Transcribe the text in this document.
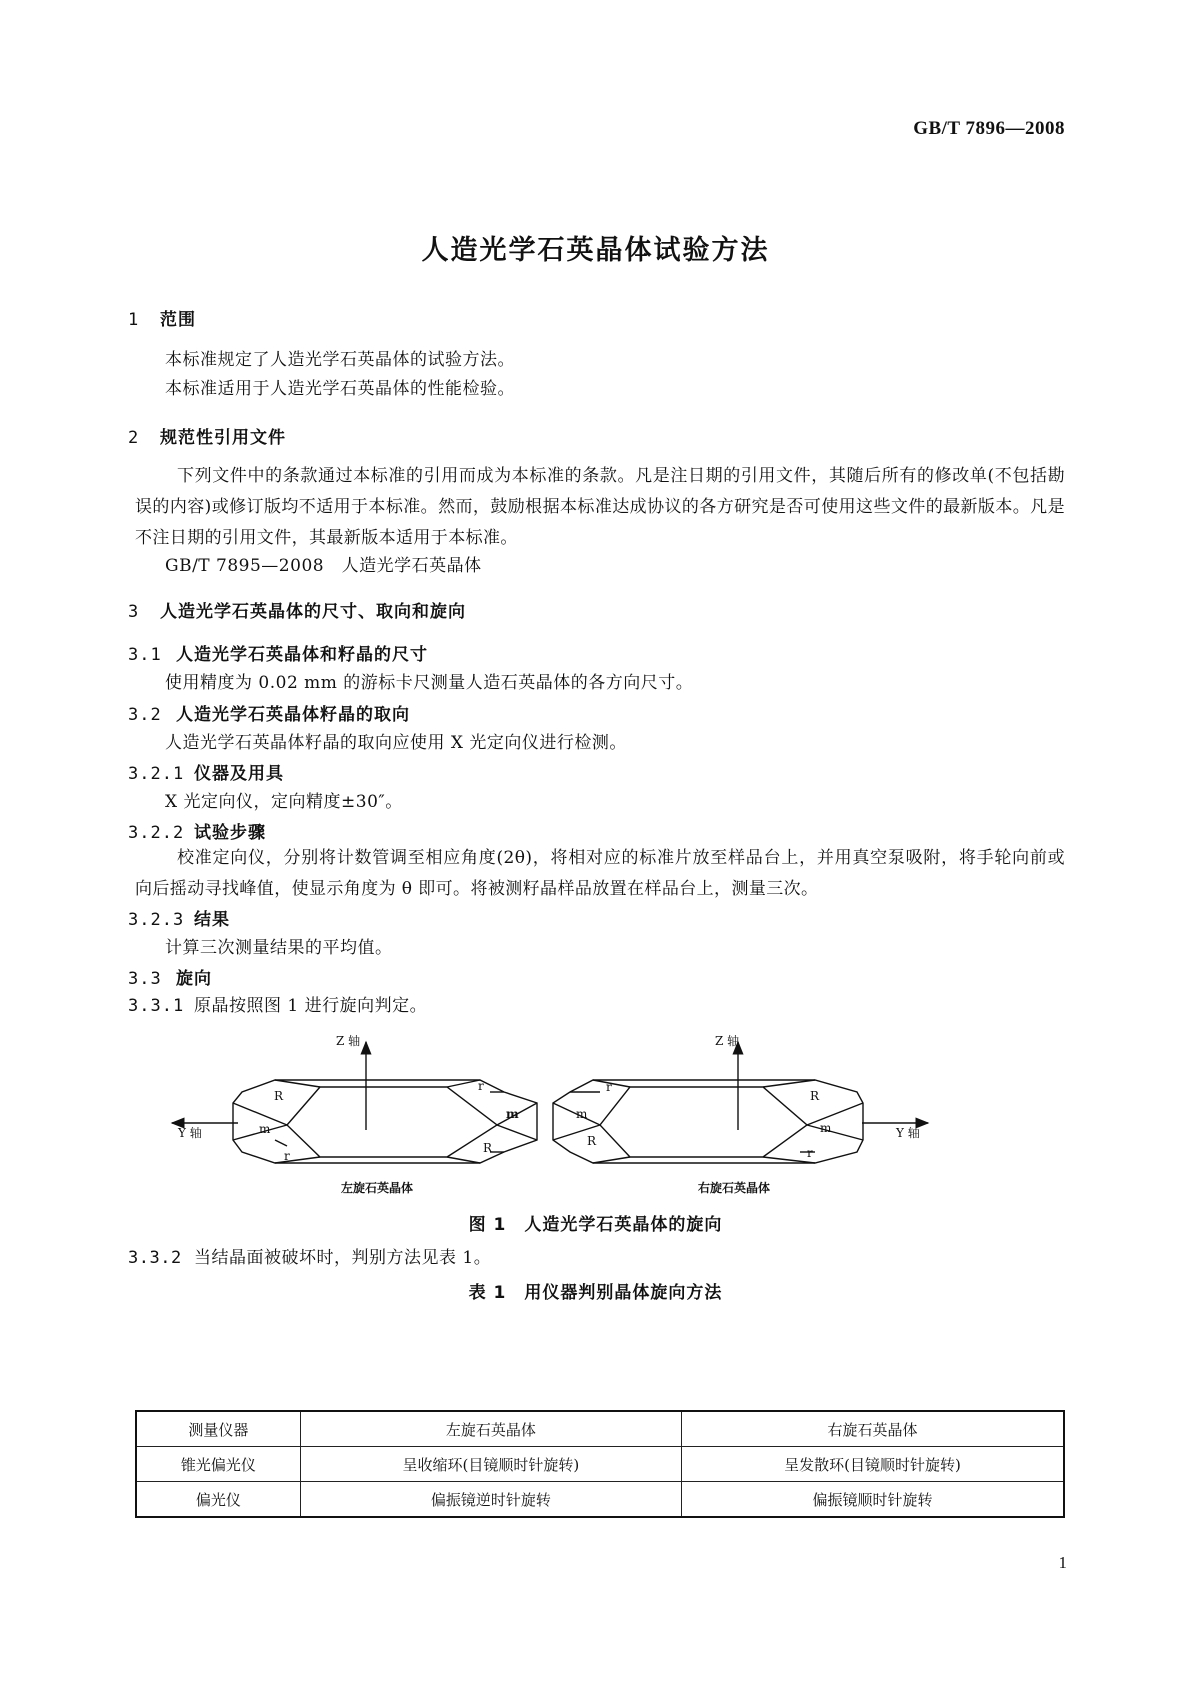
GB/T 7896—2008
人造光学石英晶体试验方法
1 范围
本标准规定了人造光学石英晶体的试验方法。
本标准适用于人造光学石英晶体的性能检验。
2 规范性引用文件
下列文件中的条款通过本标准的引用而成为本标准的条款。凡是注日期的引用文件，其随后所有的修改单(不包括勘误的内容)或修订版均不适用于本标准。然而，鼓励根据本标准达成协议的各方研究是否可使用这些文件的最新版本。凡是不注日期的引用文件，其最新版本适用于本标准。
GB/T 7895—2008　人造光学石英晶体
3 人造光学石英晶体的尺寸、取向和旋向
3.1 人造光学石英晶体和籽晶的尺寸
使用精度为 0.02 mm 的游标卡尺测量人造石英晶体的各方向尺寸。
3.2 人造光学石英晶体籽晶的取向
人造光学石英晶体籽晶的取向应使用 X 光定向仪进行检测。
3.2.1 仪器及用具
X 光定向仪，定向精度±30″。
3.2.2 试验步骤
校准定向仪，分别将计数管调至相应角度(2θ)，将相对应的标准片放至样品台上，并用真空泵吸附，将手轮向前或向后摇动寻找峰值，使显示角度为 θ 即可。将被测籽晶样品放置在样品台上，测量三次。
3.2.3 结果
计算三次测量结果的平均值。
3.3 旋向
3.3.1 原晶按照图 1 进行旋向判定。
Z 轴
Y 轴
R
m
r
r
m
R
左旋石英晶体
Z 轴
Y 轴
r
m
R
R
m
r
右旋石英晶体
图 1　人造光学石英晶体的旋向
3.3.2 当结晶面被破坏时，判别方法见表 1。
表 1　用仪器判别晶体旋向方法
测量仪器	左旋石英晶体	右旋石英晶体
锥光偏光仪	呈收缩环(目镜顺时针旋转)	呈发散环(目镜顺时针旋转)
偏光仪	偏振镜逆时针旋转	偏振镜顺时针旋转
1
